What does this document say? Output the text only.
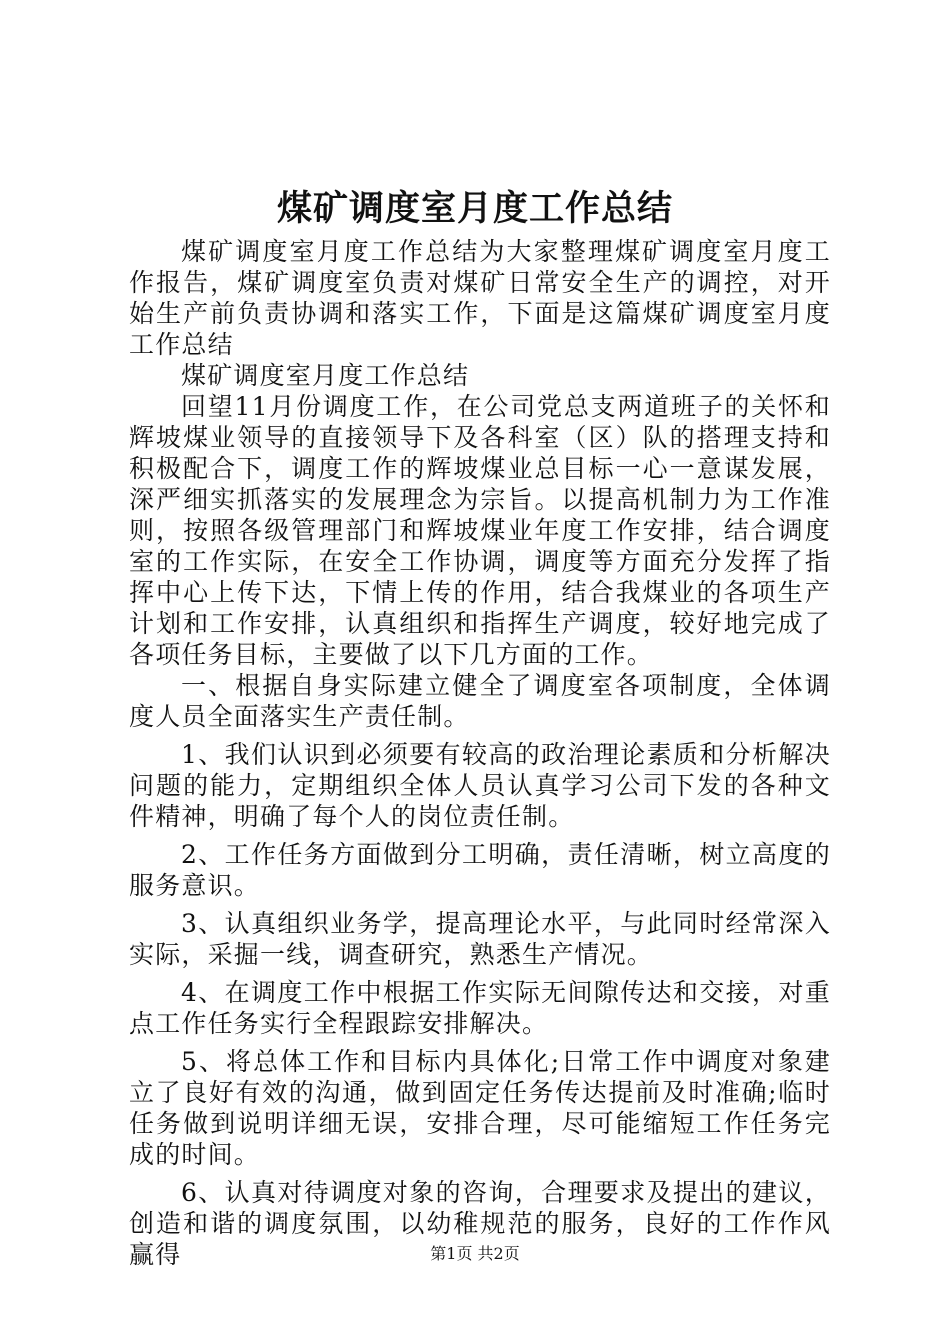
煤矿调度室月度工作总结

煤矿调度室月度工作总结为大家整理煤矿调度室月度工作报告，煤矿调度室负责对煤矿日常安全生产的调控，对开始生产前负责协调和落实工作，下面是这篇煤矿调度室月度工作总结

煤矿调度室月度工作总结

回望11月份调度工作，在公司党总支两道班子的关怀和辉坡煤业领导的直接领导下及各科室（区）队的搭理支持和积极配合下，调度工作的辉坡煤业总目标一心一意谋发展，深严细实抓落实的发展理念为宗旨。以提高机制力为工作准则，按照各级管理部门和辉坡煤业年度工作安排，结合调度室的工作实际，在安全工作协调，调度等方面充分发挥了指挥中心上传下达，下情上传的作用，结合我煤业的各项生产计划和工作安排，认真组织和指挥生产调度，较好地完成了各项任务目标，主要做了以下几方面的工作。

一、根据自身实际建立健全了调度室各项制度，全体调度人员全面落实生产责任制。

1、我们认识到必须要有较高的政治理论素质和分析解决问题的能力，定期组织全体人员认真学习公司下发的各种文件精神，明确了每个人的岗位责任制。

2、工作任务方面做到分工明确，责任清晰，树立高度的服务意识。

3、认真组织业务学，提高理论水平，与此同时经常深入实际，采掘一线，调查研究，熟悉生产情况。

4、在调度工作中根据工作实际无间隙传达和交接，对重点工作任务实行全程跟踪安排解决。

5、将总体工作和目标内具体化;日常工作中调度对象建立了良好有效的沟通，做到固定任务传达提前及时准确;临时任务做到说明详细无误，安排合理，尽可能缩短工作任务完成的时间。

6、认真对待调度对象的咨询，合理要求及提出的建议，创造和谐的调度氛围，以幼稚规范的服务，良好的工作作风赢得	第1页 共2页
